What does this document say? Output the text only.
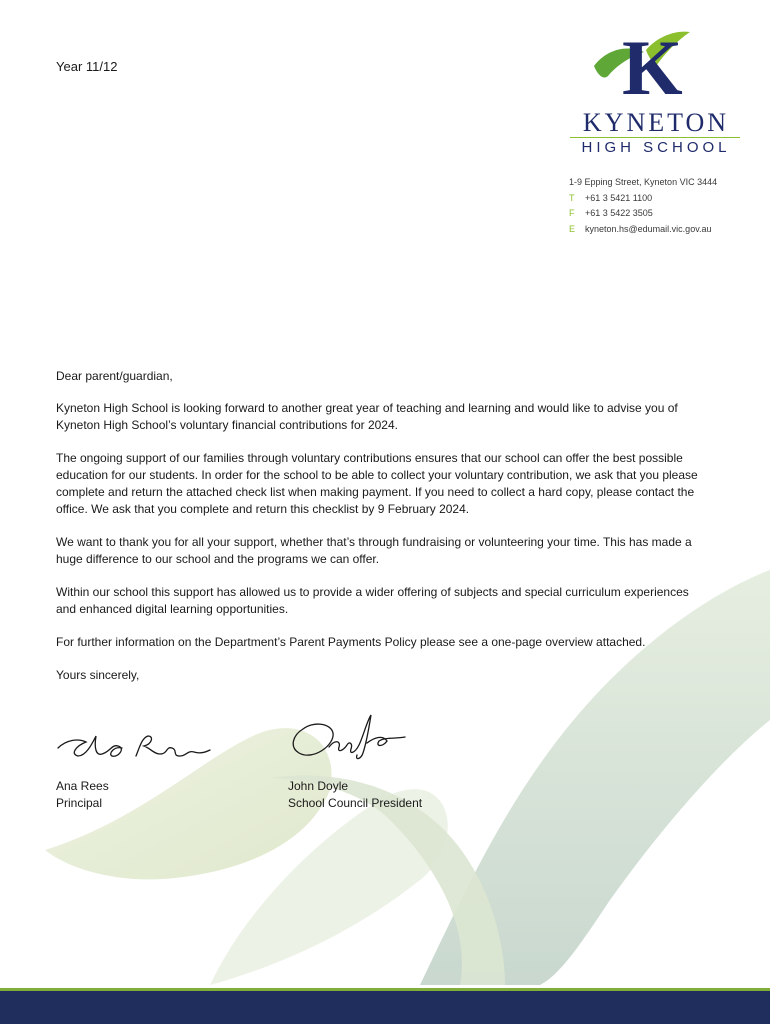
Year 11/12	K
KYNETON
HIGH SCHOOL
1-9 Epping Street, Kyneton VIC 3444
T +61 3 5421 1100
F +61 3 5422 3505
E kyneton.hs@edumail.vic.gov.au

Dear parent/guardian,

Kyneton High School is looking forward to another great year of teaching and learning and would like to advise you of Kyneton High School’s voluntary financial contributions for 2024.

The ongoing support of our families through voluntary contributions ensures that our school can offer the best possible education for our students. In order for the school to be able to collect your voluntary contribution, we ask that you please complete and return the attached check list when making payment. If you need to collect a hard copy, please contact the office. We ask that you complete and return this checklist by 9 February 2024.

We want to thank you for all your support, whether that’s through fundraising or volunteering your time. This has made a huge difference to our school and the programs we can offer.

Within our school this support has allowed us to provide a wider offering of subjects and special curriculum experiences and enhanced digital learning opportunities.

For further information on the Department’s Parent Payments Policy please see a one-page overview attached.

Yours sincerely,

Ana Rees
Principal
John Doyle
School Council President
